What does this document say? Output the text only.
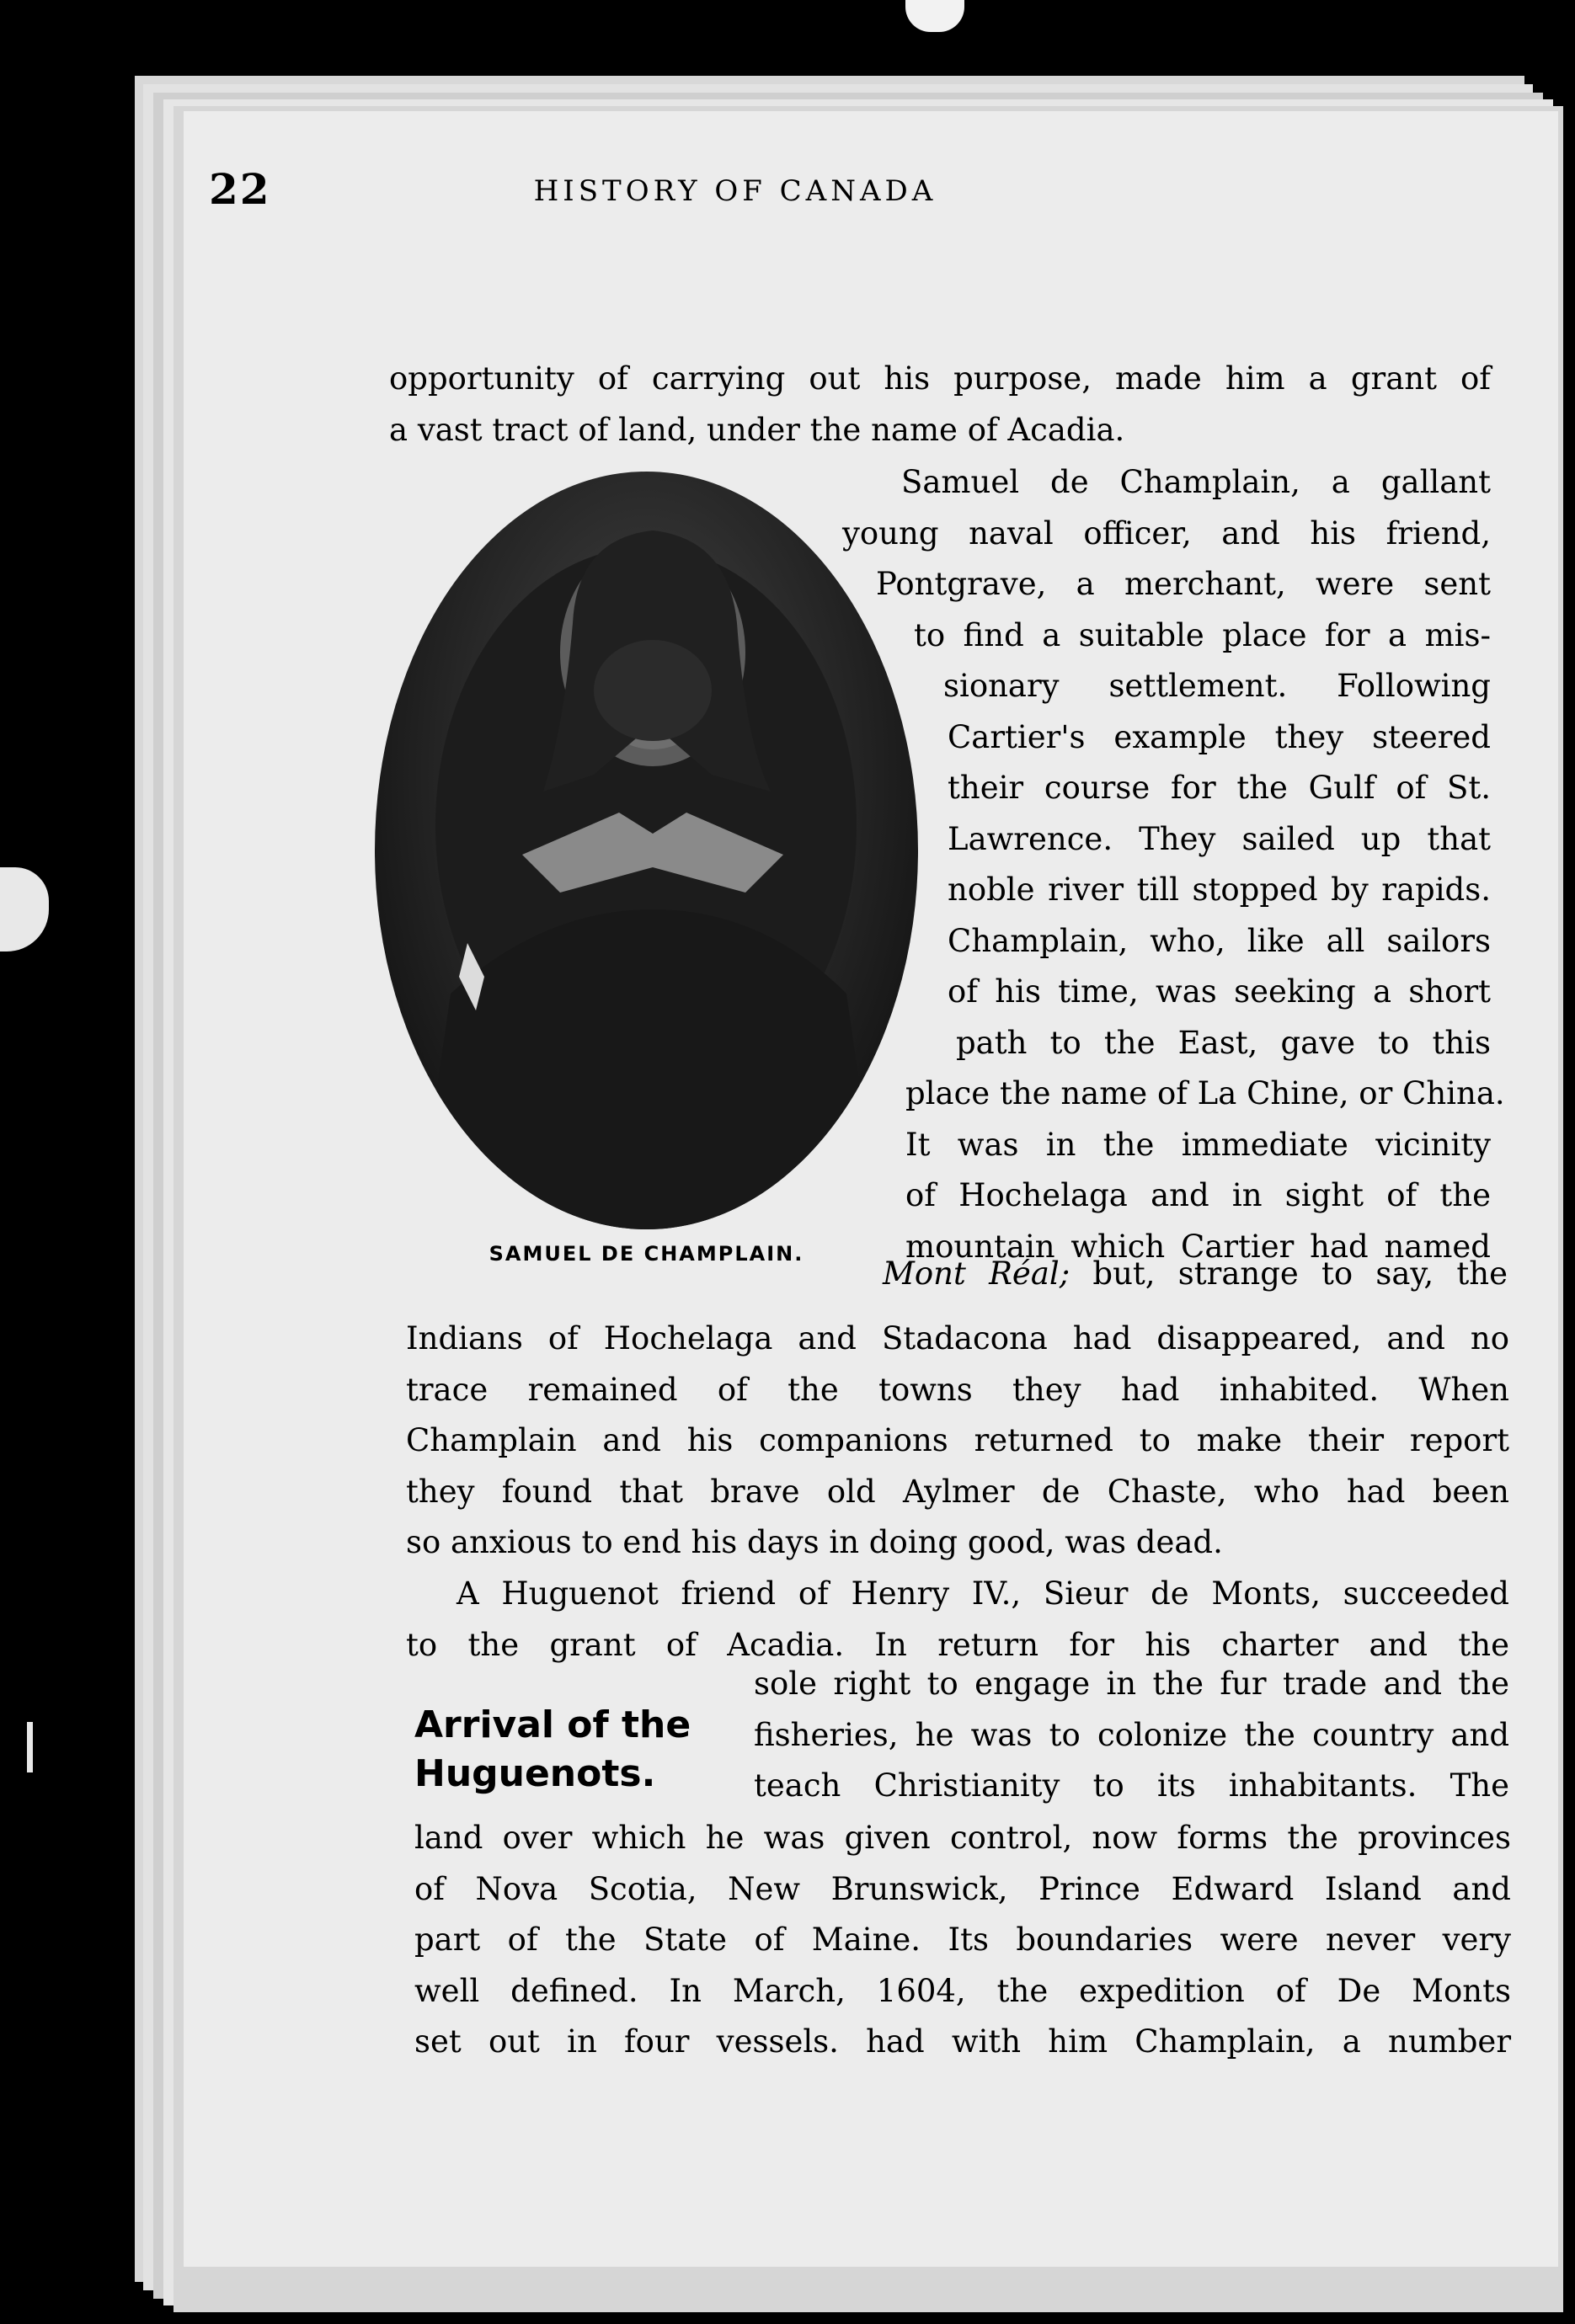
22	HISTORY OF CANADA
opportunity of carrying out his purpose, made him a grant of
a vast tract of land, under the name of Acadia.
SAMUEL DE CHAMPLAIN.
Samuel de Champlain, a gallant
young naval officer, and his friend,
Pontgrave, a merchant, were sent
to find a suitable place for a mis-
sionary settlement. Following
Cartier's example they steered
their course for the Gulf of St.
Lawrence. They sailed up that
noble river till stopped by rapids.
Champlain, who, like all sailors
of his time, was seeking a short
path to the East, gave to this
place the name of La Chine, or China.
It was in the immediate vicinity
of Hochelaga and in sight of the
mountain which Cartier had named
Mont Réal; but, strange to say, the
Indians of Hochelaga and Stadacona had disappeared, and no
trace remained of the towns they had inhabited. When
Champlain and his companions returned to make their report
they found that brave old Aylmer de Chaste, who had been
so anxious to end his days in doing good, was dead.
A Huguenot friend of Henry IV., Sieur de Monts, succeeded
to the grant of Acadia. In return for his charter and the
Arrival of the
Huguenots.
sole right to engage in the fur trade and the
fisheries, he was to colonize the country and
teach Christianity to its inhabitants. The
land over which he was given control, now forms the provinces
of Nova Scotia, New Brunswick, Prince Edward Island and
part of the State of Maine. Its boundaries were never very
well defined. In March, 1604, the expedition of De Monts
set out in four vessels. had with him Champlain, a number
